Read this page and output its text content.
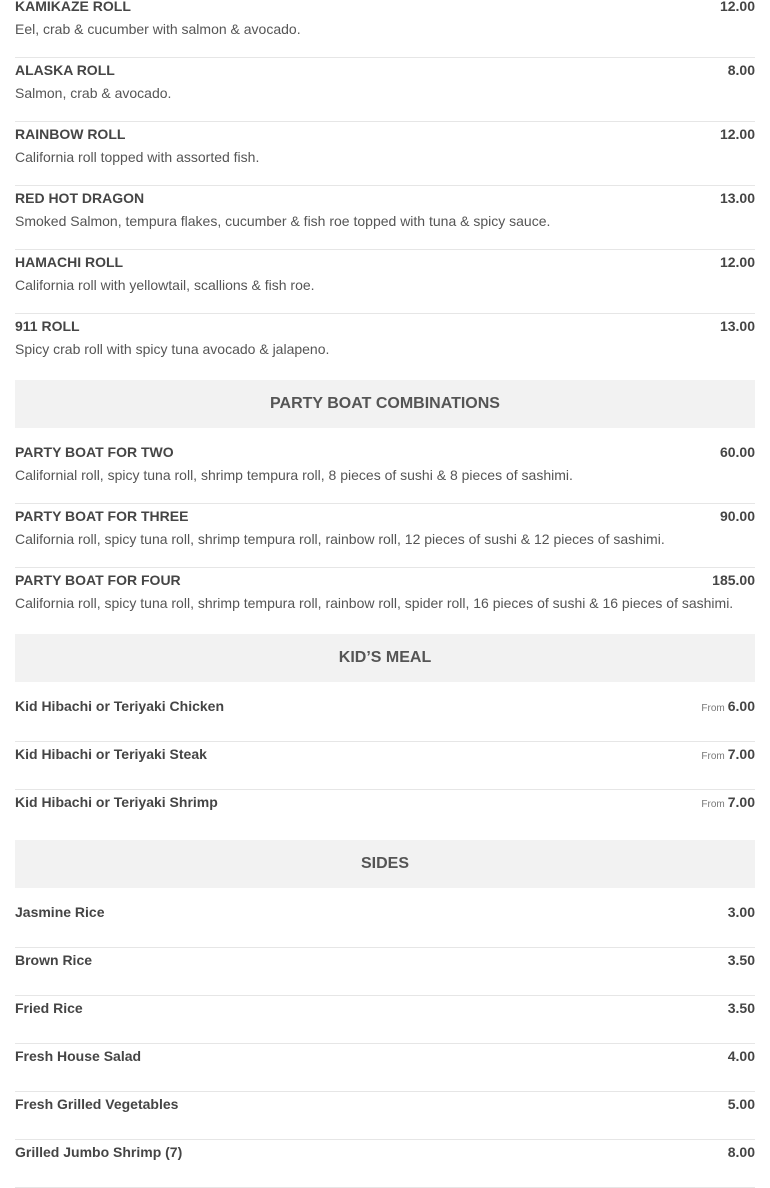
KAMIKAZE ROLL	12.00
Eel, crab & cucumber with salmon & avocado.
ALASKA ROLL	8.00
Salmon, crab & avocado.
RAINBOW ROLL	12.00
California roll topped with assorted fish.
RED HOT DRAGON	13.00
Smoked Salmon, tempura flakes, cucumber & fish roe topped with tuna & spicy sauce.
HAMACHI ROLL	12.00
California roll with yellowtail, scallions & fish roe.
911 ROLL	13.00
Spicy crab roll with spicy tuna avocado & jalapeno.
PARTY BOAT COMBINATIONS
PARTY BOAT FOR TWO	60.00
Californial roll, spicy tuna roll, shrimp tempura roll, 8 pieces of sushi & 8 pieces of sashimi.
PARTY BOAT FOR THREE	90.00
California roll, spicy tuna roll, shrimp tempura roll, rainbow roll, 12 pieces of sushi & 12 pieces of sashimi.
PARTY BOAT FOR FOUR	185.00
California roll, spicy tuna roll, shrimp tempura roll, rainbow roll, spider roll, 16 pieces of sushi & 16 pieces of sashimi.
KID’S MEAL
Kid Hibachi or Teriyaki Chicken	From 6.00
Kid Hibachi or Teriyaki Steak	From 7.00
Kid Hibachi or Teriyaki Shrimp	From 7.00
SIDES
Jasmine Rice	3.00
Brown Rice	3.50
Fried Rice	3.50
Fresh House Salad	4.00
Fresh Grilled Vegetables	5.00
Grilled Jumbo Shrimp (7)	8.00
